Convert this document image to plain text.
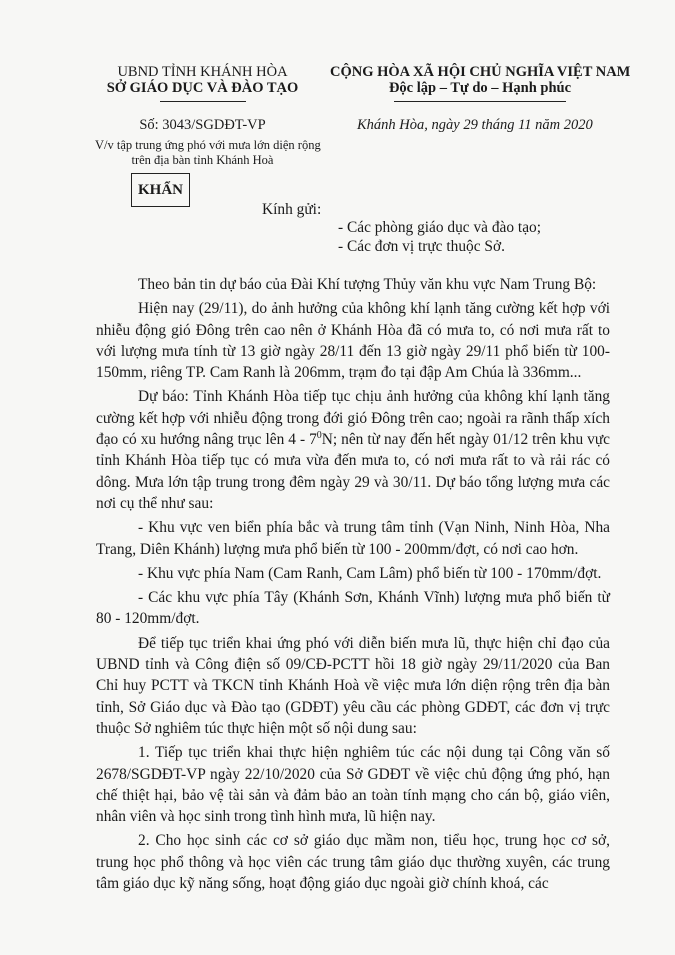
UBND TỈNH KHÁNH HÒA
SỞ GIÁO DỤC VÀ ĐÀO TẠO
CỘNG HÒA XÃ HỘI CHỦ NGHĨA VIỆT NAM
Độc lập – Tự do – Hạnh phúc
Số: 3043/SGDĐT-VP	Khánh Hòa, ngày 29 tháng 11 năm 2020
V/v tập trung ứng phó với mưa lớn diện rộng
trên địa bàn tỉnh Khánh Hoà
KHẨN
Kính gửi:
- Các phòng giáo dục và đào tạo;
- Các đơn vị trực thuộc Sở.

Theo bản tin dự báo của Đài Khí tượng Thủy văn khu vực Nam Trung Bộ:

Hiện nay (29/11), do ảnh hưởng của không khí lạnh tăng cường kết hợp với nhiễu động gió Đông trên cao nên ở Khánh Hòa đã có mưa to, có nơi mưa rất to với lượng mưa tính từ 13 giờ ngày 28/11 đến 13 giờ ngày 29/11 phổ biến từ 100-150mm, riêng TP. Cam Ranh là 206mm, trạm đo tại đập Am Chúa là 336mm...

Dự báo: Tỉnh Khánh Hòa tiếp tục chịu ảnh hưởng của không khí lạnh tăng cường kết hợp với nhiễu động trong đới gió Đông trên cao; ngoài ra rãnh thấp xích đạo có xu hướng nâng trục lên $4 - 7^0N$; nên từ nay đến hết ngày 01/12 trên khu vực tỉnh Khánh Hòa tiếp tục có mưa vừa đến mưa to, có nơi mưa rất to và rải rác có dông. Mưa lớn tập trung trong đêm ngày 29 và 30/11. Dự báo tổng lượng mưa các nơi cụ thể như sau:

- Khu vực ven biển phía bắc và trung tâm tỉnh (Vạn Ninh, Ninh Hòa, Nha Trang, Diên Khánh) lượng mưa phổ biến từ 100 - 200mm/đợt, có nơi cao hơn.

- Khu vực phía Nam (Cam Ranh, Cam Lâm) phổ biến từ 100 - 170mm/đợt.

- Các khu vực phía Tây (Khánh Sơn, Khánh Vĩnh) lượng mưa phổ biến từ 80 - 120mm/đợt.

Để tiếp tục triển khai ứng phó với diễn biến mưa lũ, thực hiện chỉ đạo của UBND tỉnh và Công điện số 09/CĐ-PCTT hồi 18 giờ ngày 29/11/2020 của Ban Chỉ huy PCTT và TKCN tỉnh Khánh Hoà về việc mưa lớn diện rộng trên địa bàn tỉnh, Sở Giáo dục và Đào tạo (GDĐT) yêu cầu các phòng GDĐT, các đơn vị trực thuộc Sở nghiêm túc thực hiện một số nội dung sau:

1. Tiếp tục triển khai thực hiện nghiêm túc các nội dung tại Công văn số 2678/SGDĐT-VP ngày 22/10/2020 của Sở GDĐT về việc chủ động ứng phó, hạn chế thiệt hại, bảo vệ tài sản và đảm bảo an toàn tính mạng cho cán bộ, giáo viên, nhân viên và học sinh trong tình hình mưa, lũ hiện nay.

2. Cho học sinh các cơ sở giáo dục mầm non, tiểu học, trung học cơ sở, trung học phổ thông và học viên các trung tâm giáo dục thường xuyên, các trung tâm giáo dục kỹ năng sống, hoạt động giáo dục ngoài giờ chính khoá, các
